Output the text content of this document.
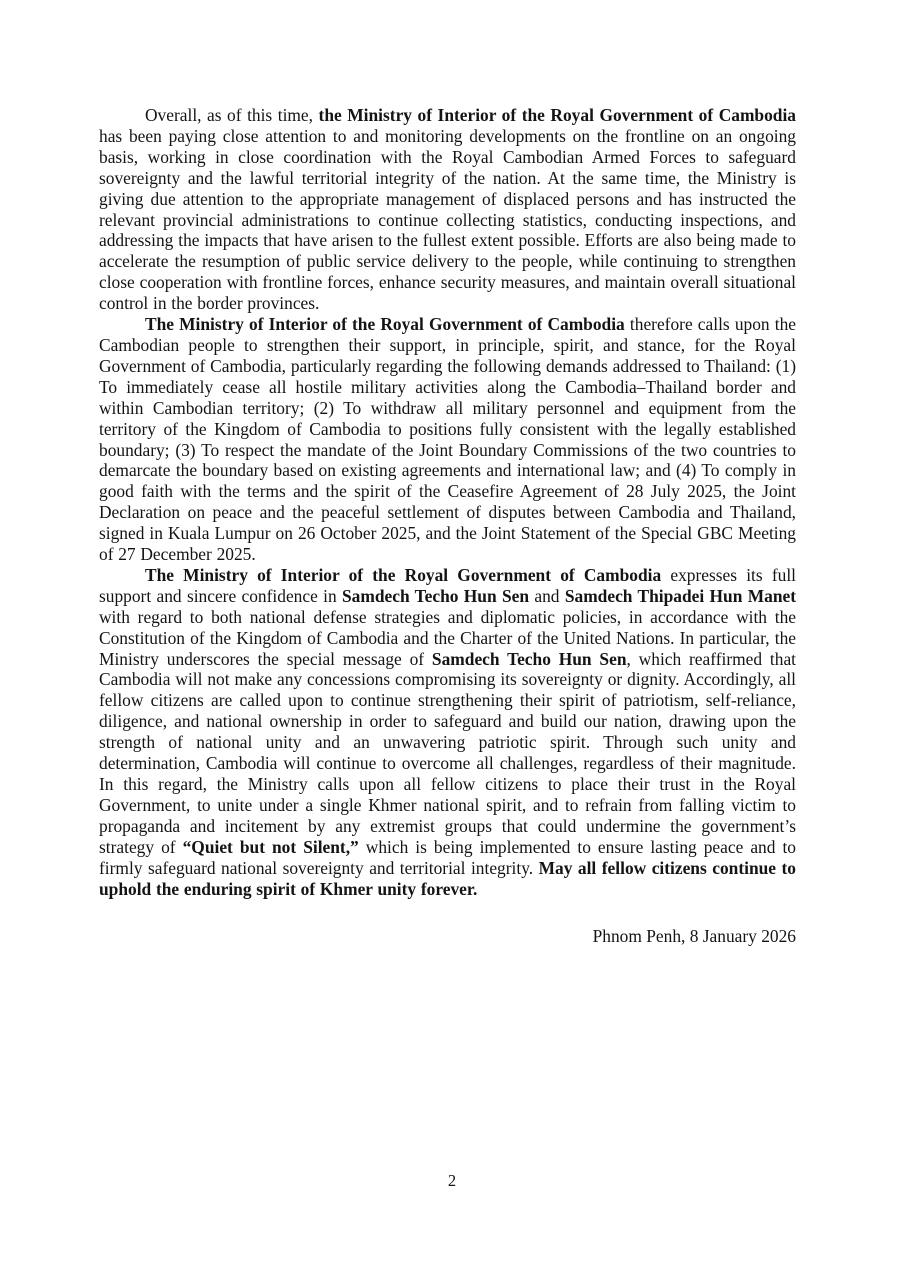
Overall, as of this time, the Ministry of Interior of the Royal Government of Cambodia has been paying close attention to and monitoring developments on the frontline on an ongoing basis, working in close coordination with the Royal Cambodian Armed Forces to safeguard sovereignty and the lawful territorial integrity of the nation. At the same time, the Ministry is giving due attention to the appropriate management of displaced persons and has instructed the relevant provincial administrations to continue collecting statistics, conducting inspections, and addressing the impacts that have arisen to the fullest extent possible. Efforts are also being made to accelerate the resumption of public service delivery to the people, while continuing to strengthen close cooperation with frontline forces, enhance security measures, and maintain overall situational control in the border provinces.

The Ministry of Interior of the Royal Government of Cambodia therefore calls upon the Cambodian people to strengthen their support, in principle, spirit, and stance, for the Royal Government of Cambodia, particularly regarding the following demands addressed to Thailand: (1) To immediately cease all hostile military activities along the Cambodia–Thailand border and within Cambodian territory; (2) To withdraw all military personnel and equipment from the territory of the Kingdom of Cambodia to positions fully consistent with the legally established boundary; (3) To respect the mandate of the Joint Boundary Commissions of the two countries to demarcate the boundary based on existing agreements and international law; and (4) To comply in good faith with the terms and the spirit of the Ceasefire Agreement of 28 July 2025, the Joint Declaration on peace and the peaceful settlement of disputes between Cambodia and Thailand, signed in Kuala Lumpur on 26 October 2025, and the Joint Statement of the Special GBC Meeting of 27 December 2025.

The Ministry of Interior of the Royal Government of Cambodia expresses its full support and sincere confidence in Samdech Techo Hun Sen and Samdech Thipadei Hun Manet with regard to both national defense strategies and diplomatic policies, in accordance with the Constitution of the Kingdom of Cambodia and the Charter of the United Nations. In particular, the Ministry underscores the special message of Samdech Techo Hun Sen, which reaffirmed that Cambodia will not make any concessions compromising its sovereignty or dignity. Accordingly, all fellow citizens are called upon to continue strengthening their spirit of patriotism, self-reliance, diligence, and national ownership in order to safeguard and build our nation, drawing upon the strength of national unity and an unwavering patriotic spirit. Through such unity and determination, Cambodia will continue to overcome all challenges, regardless of their magnitude. In this regard, the Ministry calls upon all fellow citizens to place their trust in the Royal Government, to unite under a single Khmer national spirit, and to refrain from falling victim to propaganda and incitement by any extremist groups that could undermine the government’s strategy of “Quiet but not Silent,” which is being implemented to ensure lasting peace and to firmly safeguard national sovereignty and territorial integrity. May all fellow citizens continue to uphold the enduring spirit of Khmer unity forever.

Phnom Penh, 8 January 2026

2
